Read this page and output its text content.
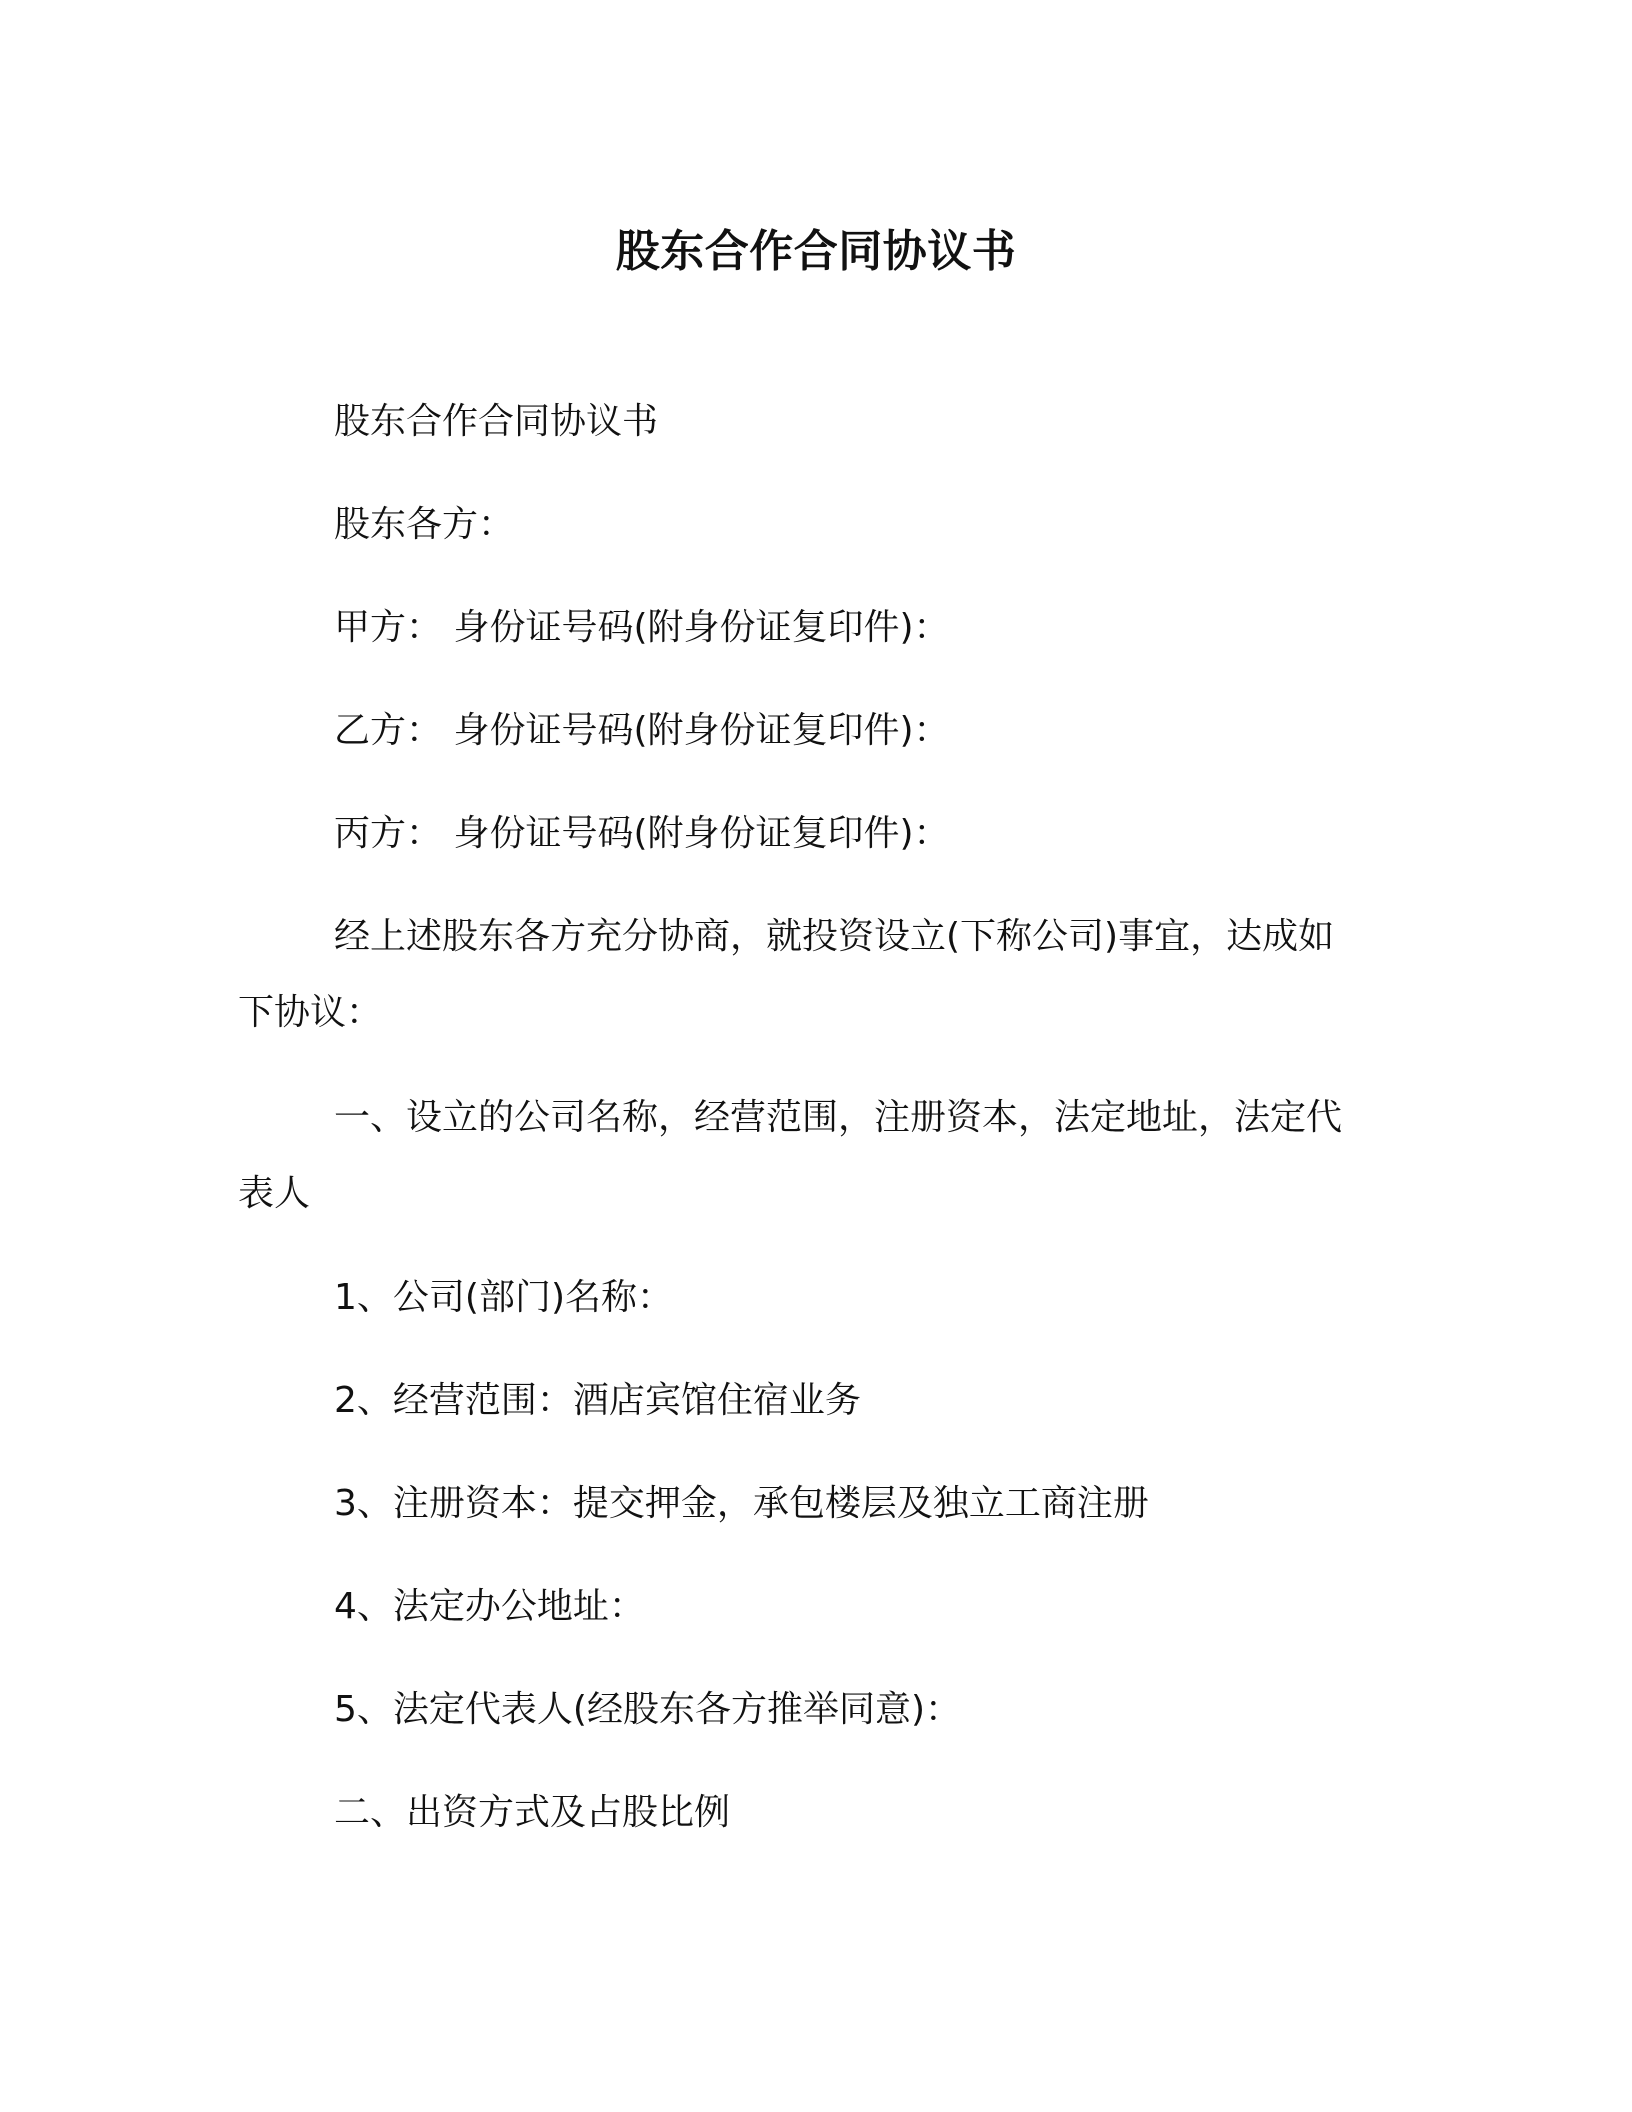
股东合作合同协议书
股东合作合同协议书
股东各方：
甲方： 身份证号码(附身份证复印件)：
乙方： 身份证号码(附身份证复印件)：
丙方： 身份证号码(附身份证复印件)：
经上述股东各方充分协商，就投资设立(下称公司)事宜，达成如下协议：
一、设立的公司名称，经营范围，注册资本，法定地址，法定代表人
1、公司(部门)名称：
2、经营范围：酒店宾馆住宿业务
3、注册资本：提交押金，承包楼层及独立工商注册
4、法定办公地址：
5、法定代表人(经股东各方推举同意)：
二、出资方式及占股比例
